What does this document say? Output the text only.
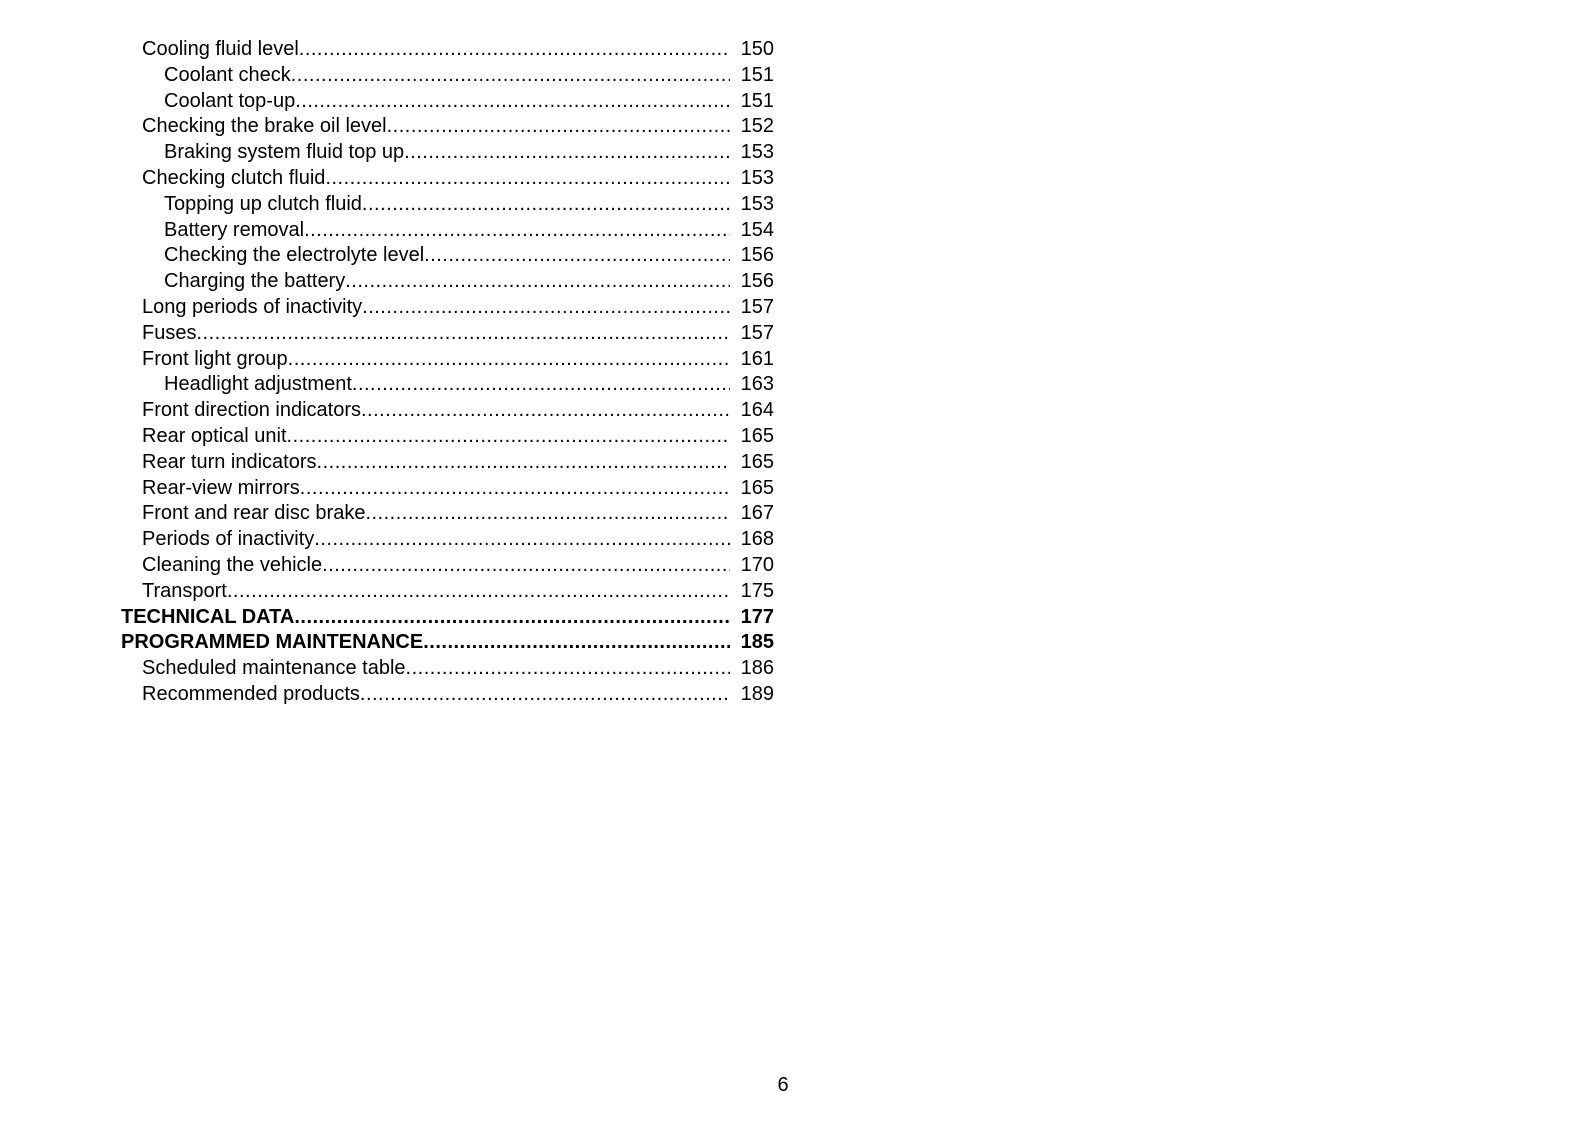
Cooling fluid level .....	150
Coolant check .....	151
Coolant top-up .....	151
Checking the brake oil level .....	152
Braking system fluid top up .....	153
Checking clutch fluid .....	153
Topping up clutch fluid .....	153
Battery removal .....	154
Checking the electrolyte level .....	156
Charging the battery .....	156
Long periods of inactivity .....	157
Fuses .....	157
Front light group .....	161
Headlight adjustment .....	163
Front direction indicators .....	164
Rear optical unit .....	165
Rear turn indicators .....	165
Rear-view mirrors .....	165
Front and rear disc brake .....	167
Periods of inactivity .....	168
Cleaning the vehicle .....	170
Transport .....	175
TECHNICAL DATA .....	177
PROGRAMMED MAINTENANCE .....	185
Scheduled maintenance table .....	186
Recommended products .....	189
6
